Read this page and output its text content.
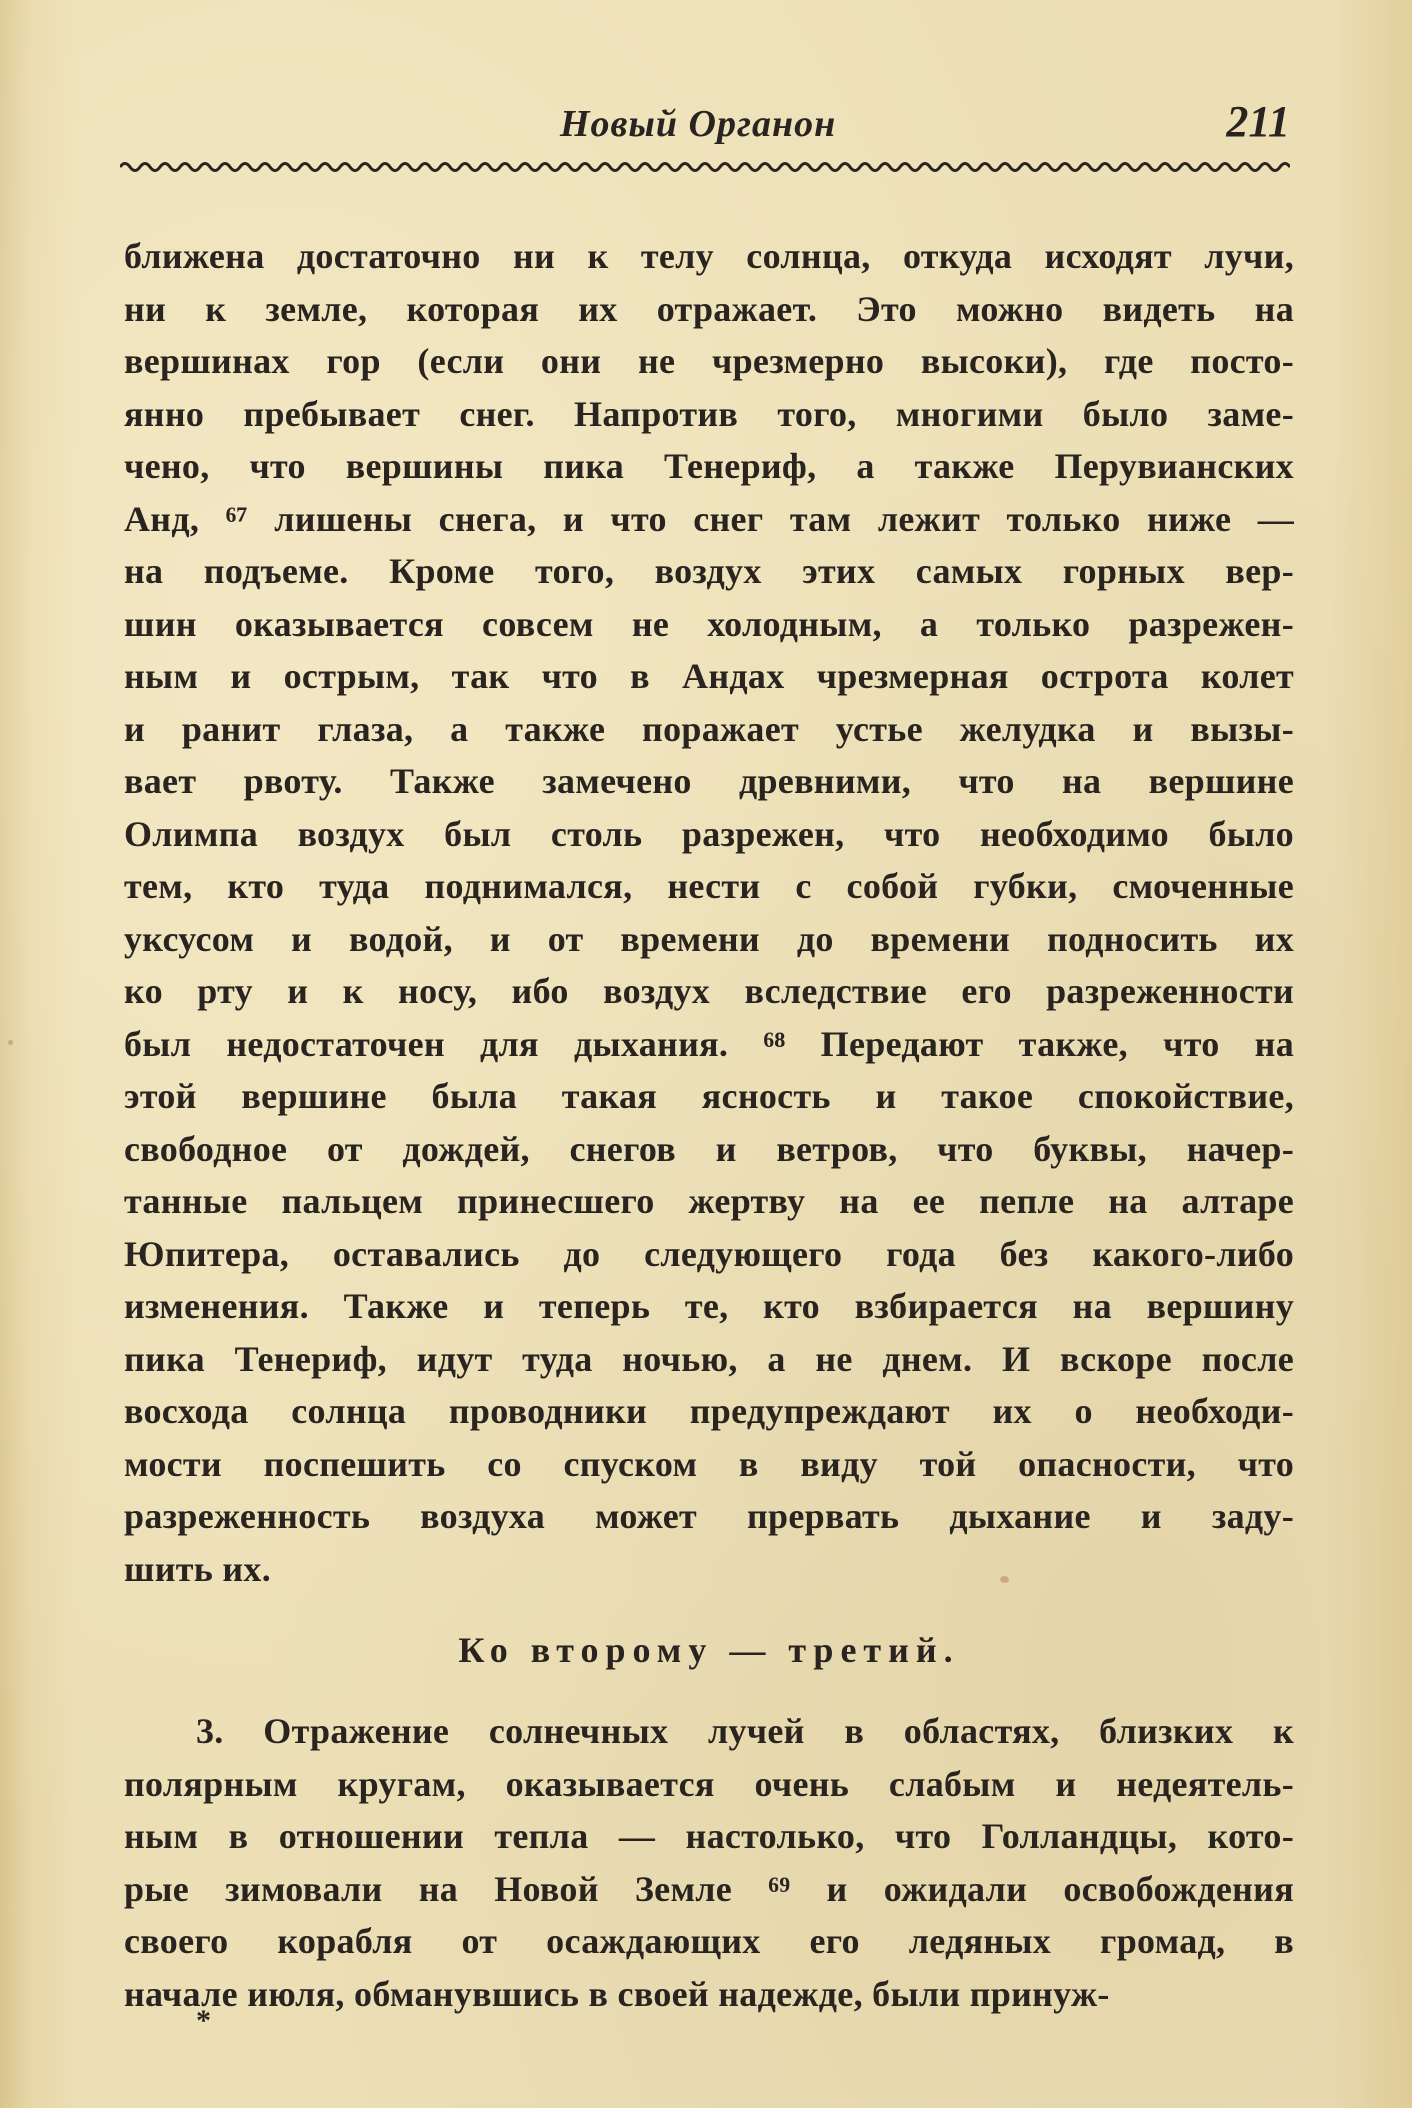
Новый Органон	211
ближена достаточно ни к телу солнца, откуда исходят лучи,
ни к земле, которая их отражает. Это можно видеть на
вершинах гор (если они не чрезмерно высоки), где посто-
янно пребывает снег. Напротив того, многими было заме-
чено, что вершины пика Тенериф, а также Перувианских
Анд, ⁶⁷ лишены снега, и что снег там лежит только ниже —
на подъеме. Кроме того, воздух этих самых горных вер-
шин оказывается совсем не холодным, а только разрежен-
ным и острым, так что в Андах чрезмерная острота колет
и ранит глаза, а также поражает устье желудка и вызы-
вает рвоту. Также замечено древними, что на вершине
Олимпа воздух был столь разрежен, что необходимо было
тем, кто туда поднимался, нести с собой губки, смоченные
уксусом и водой, и от времени до времени подносить их
ко рту и к носу, ибо воздух вследствие его разреженности
был недостаточен для дыхания. ⁶⁸ Передают также, что на
этой вершине была такая ясность и такое спокойствие,
свободное от дождей, снегов и ветров, что буквы, начер-
танные пальцем принесшего жертву на ее пепле на алтаре
Юпитера, оставались до следующего года без какого-либо
изменения. Также и теперь те, кто взбирается на вершину
пика Тенериф, идут туда ночью, а не днем. И вскоре после
восхода солнца проводники предупреждают их о необходи-
мости поспешить со спуском в виду той опасности, что
разреженность воздуха может прервать дыхание и заду-
шить их.
Ко второму — третий.
3. Отражение солнечных лучей в областях, близких к
полярным кругам, оказывается очень слабым и недеятель-
ным в отношении тепла — настолько, что Голландцы, кото-
рые зимовали на Новой Земле ⁶⁹ и ожидали освобождения
своего корабля от осаждающих его ледяных громад, в
начале июля, обманувшись в своей надежде, были принуж-
*
